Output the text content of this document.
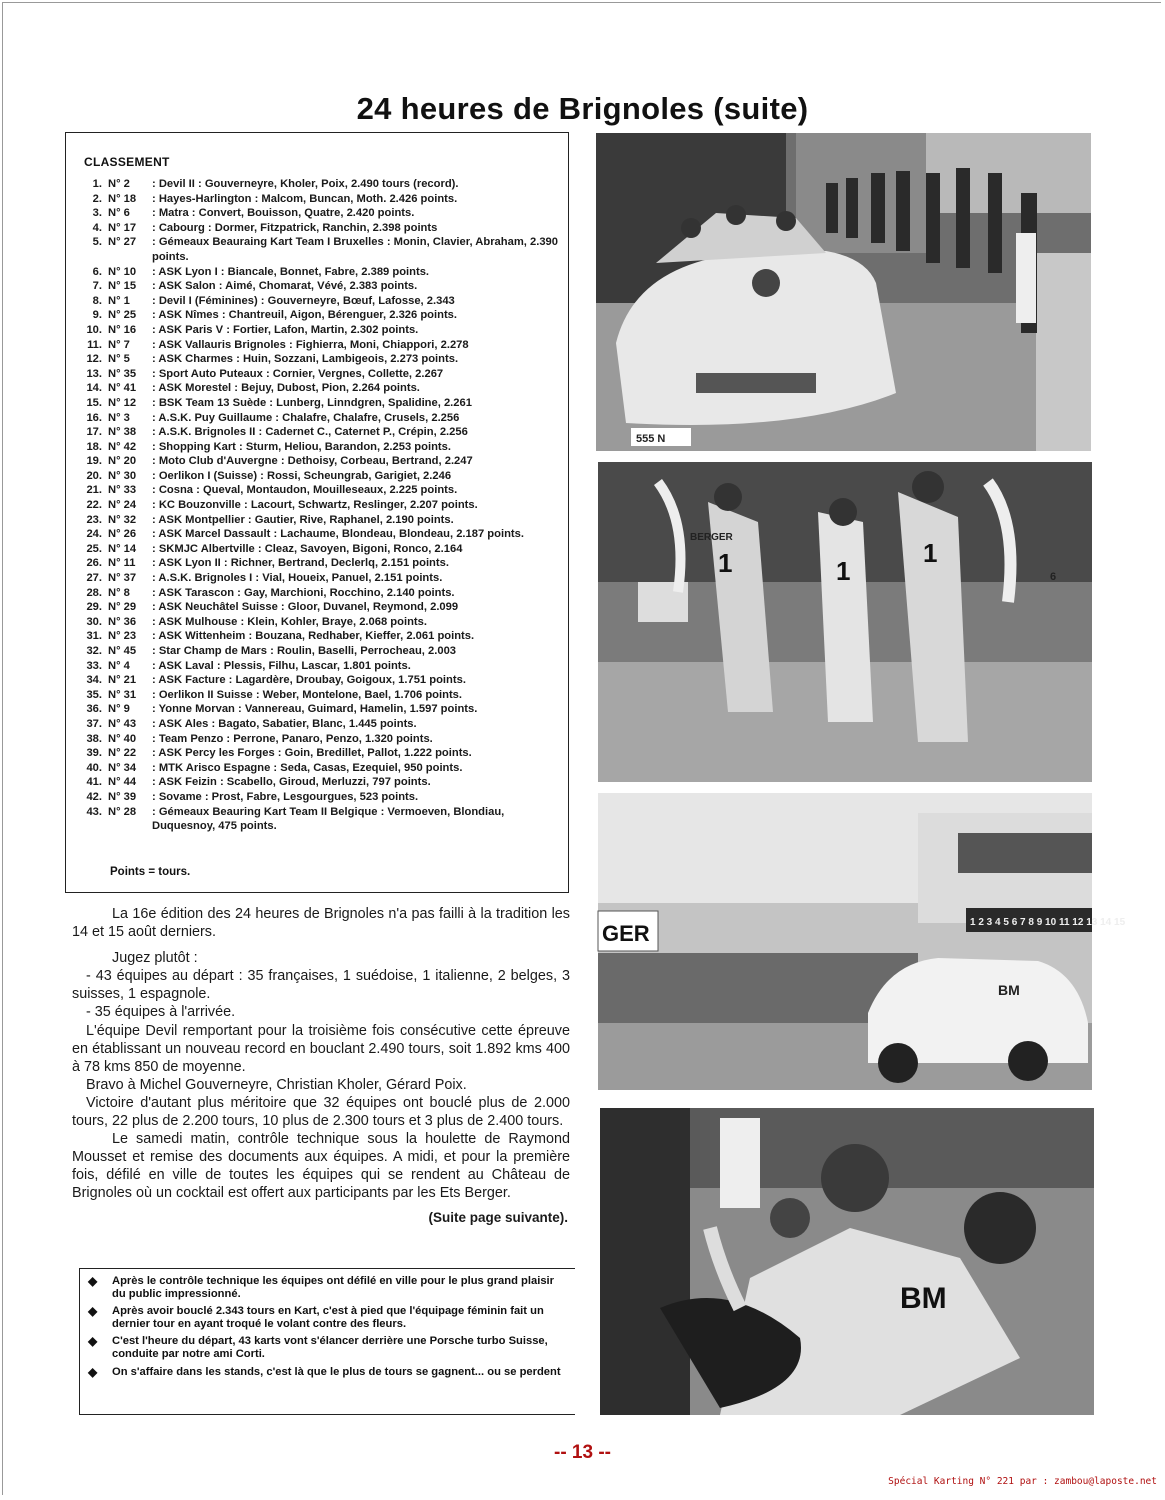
24 heures de Brignoles (suite)
CLASSEMENT
1. N° 2	: Devil II : Gouverneyre, Kholer, Poix, 2.490 tours (record).
2. N° 18	: Hayes-Harlington : Malcom, Buncan, Moth. 2.426 points.
3. N° 6	: Matra : Convert, Bouisson, Quatre, 2.420 points.
4. N° 17	: Cabourg : Dormer, Fitzpatrick, Ranchin, 2.398 points
5. N° 27	: Gémeaux Beauraing Kart Team I Bruxelles : Monin, Clavier, Abraham, 2.390 points.
6. N° 10	: ASK Lyon I : Biancale, Bonnet, Fabre, 2.389 points.
7. N° 15	: ASK Salon : Aimé, Chomarat, Vévé, 2.383 points.
8. N° 1	: Devil I (Féminines) : Gouverneyre, Bœuf, Lafosse, 2.343
9. N° 25	: ASK Nîmes : Chantreuil, Aigon, Bérenguer, 2.326 points.
10. N° 16	: ASK Paris V : Fortier, Lafon, Martin, 2.302 points.
11. N° 7	: ASK Vallauris Brignoles : Fighierra, Moni, Chiappori, 2.278
12. N° 5	: ASK Charmes : Huin, Sozzani, Lambigeois, 2.273 points.
13. N° 35	: Sport Auto Puteaux : Cornier, Vergnes, Collette, 2.267
14. N° 41	: ASK Morestel : Bejuy, Dubost, Pion, 2.264 points.
15. N° 12	: BSK Team 13 Suède : Lunberg, Linndgren, Spalidine, 2.261
16. N° 3	: A.S.K. Puy Guillaume : Chalafre, Chalafre, Crusels, 2.256
17. N° 38	: A.S.K. Brignoles II : Cadernet C., Caternet P., Crépin, 2.256
18. N° 42	: Shopping Kart : Sturm, Heliou, Barandon, 2.253 points.
19. N° 20	: Moto Club d'Auvergne : Dethoisy, Corbeau, Bertrand, 2.247
20. N° 30	: Oerlikon I (Suisse) : Rossi, Scheungrab, Garigiet, 2.246
21. N° 33	: Cosna : Queval, Montaudon, Mouilleseaux, 2.225 points.
22. N° 24	: KC Bouzonville : Lacourt, Schwartz, Reslinger, 2.207 points.
23. N° 32	: ASK Montpellier : Gautier, Rive, Raphanel, 2.190 points.
24. N° 26	: ASK Marcel Dassault : Lachaume, Blondeau, Blondeau, 2.187 points.
25. N° 14	: SKMJC Albertville : Cleaz, Savoyen, Bigoni, Ronco, 2.164
26. N° 11	: ASK Lyon II : Richner, Bertrand, Declerlq, 2.151 points.
27. N° 37	: A.S.K. Brignoles I : Vial, Houeix, Panuel, 2.151 points.
28. N° 8	: ASK Tarascon : Gay, Marchioni, Rocchino, 2.140 points.
29. N° 29	: ASK Neuchâtel Suisse : Gloor, Duvanel, Reymond, 2.099
30. N° 36	: ASK Mulhouse : Klein, Kohler, Braye, 2.068 points.
31. N° 23	: ASK Wittenheim : Bouzana, Redhaber, Kieffer, 2.061 points.
32. N° 45	: Star Champ de Mars : Roulin, Baselli, Perrocheau, 2.003
33. N° 4	: ASK Laval : Plessis, Filhu, Lascar, 1.801 points.
34. N° 21	: ASK Facture : Lagardère, Droubay, Goigoux, 1.751 points.
35. N° 31	: Oerlikon II Suisse : Weber, Montelone, Bael, 1.706 points.
36. N° 9	: Yonne Morvan : Vannereau, Guimard, Hamelin, 1.597 points.
37. N° 43	: ASK Ales : Bagato, Sabatier, Blanc, 1.445 points.
38. N° 40	: Team Penzo : Perrone, Panaro, Penzo, 1.320 points.
39. N° 22	: ASK Percy les Forges : Goin, Bredillet, Pallot, 1.222 points.
40. N° 34	: MTK Arisco Espagne : Seda, Casas, Ezequiel, 950 points.
41. N° 44	: ASK Feizin : Scabello, Giroud, Merluzzi, 797 points.
42. N° 39	: Sovame : Prost, Fabre, Lesgourgues, 523 points.
43. N° 28	: Gémeaux Beauring Kart Team II Belgique : Vermoeven, Blondiau, Duquesnoy, 475 points.
Points = tours.

La 16e édition des 24 heures de Brignoles n'a pas failli à la tradition les 14 et 15 août derniers.

Jugez plutôt :

- 43 équipes au départ : 35 françaises, 1 suédoise, 1 italienne, 2 belges, 3 suisses, 1 espagnole.

- 35 équipes à l'arrivée.

L'équipe Devil remportant pour la troisième fois consécutive cette épreuve en établissant un nouveau record en bouclant 2.490 tours, soit 1.892 kms 400 à 78 kms 850 de moyenne.

Bravo à Michel Gouverneyre, Christian Kholer, Gérard Poix.

Victoire d'autant plus méritoire que 32 équipes ont bouclé plus de 2.000 tours, 22 plus de 2.200 tours, 10 plus de 2.300 tours et 3 plus de 2.400 tours.

Le samedi matin, contrôle technique sous la houlette de Raymond Mousset et remise des documents aux équipes. A midi, et pour la première fois, défilé en ville de toutes les équipes qui se rendent au Château de Brignoles où un cocktail est offert aux participants par les Ets Berger.

(Suite page suivante).

◆	Après le contrôle technique les équipes ont défilé en ville pour le plus grand plaisir du public impressionné.
◆	Après avoir bouclé 2.343 tours en Kart, c'est à pied que l'équipage féminin fait un dernier tour en ayant troqué le volant contre des fleurs.
◆	C'est l'heure du départ, 43 karts vont s'élancer derrière une Porsche turbo Suisse, conduite par notre ami Corti.
◆	On s'affaire dans les stands, c'est là que le plus de tours se gagnent... ou se perdent
555 N
1	1
1
BERGER
6
1 2 3 4 5 6 7 8 9 10 11 12 13 14 15
GER
BM
BM
-- 13 --
Spécial Karting N° 221 par : zambou@laposte.net
